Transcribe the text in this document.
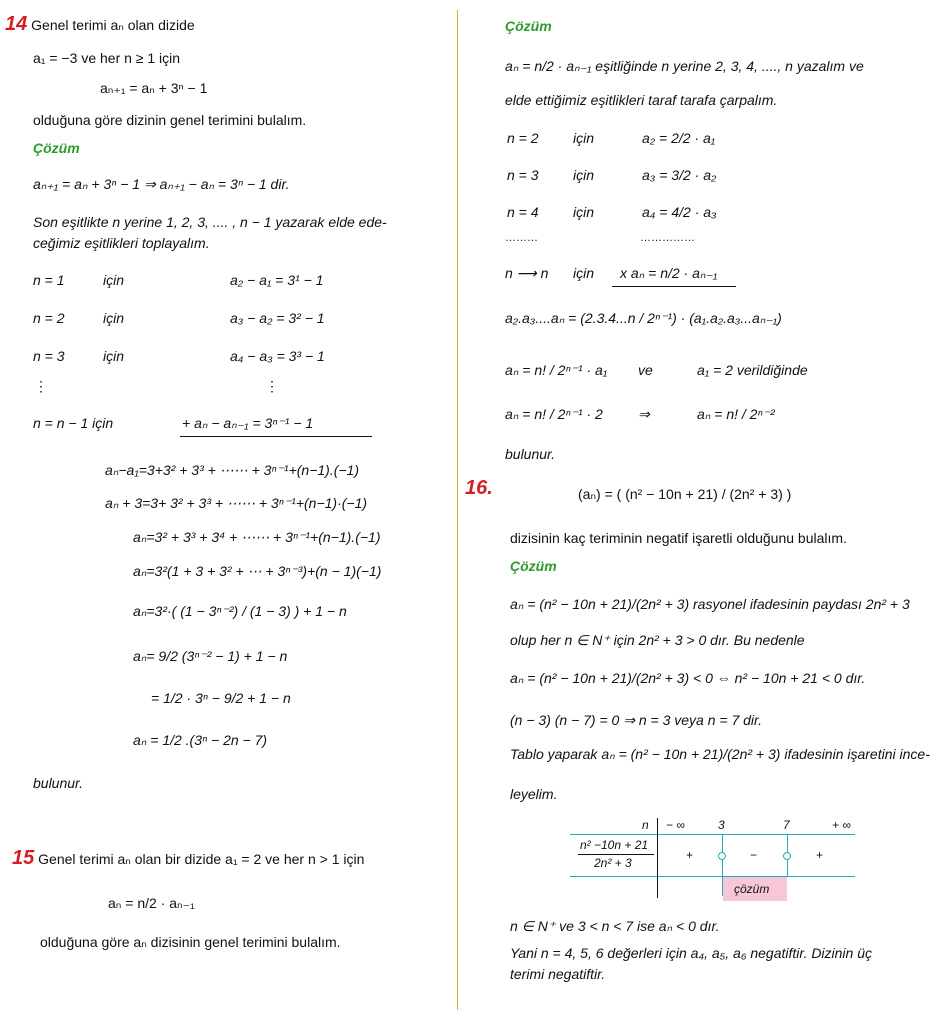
14 Genel terimi aₙ olan dizide
a₁ = −3 ve her n ≥ 1 için
aₙ₊₁ = aₙ + 3ⁿ − 1
olduğuna göre dizinin genel terimini bulalım.
Çözüm
aₙ₊₁ = aₙ + 3ⁿ − 1 ⇒ aₙ₊₁ − aₙ = 3ⁿ − 1 dir.
Son eşitlikte n yerine 1, 2, 3, .... , n − 1 yazarak elde ede-
ceğimiz eşitlikleri toplayalım.
n = 1	için	a₂ − a₁ = 3¹ − 1
n = 2	için	a₃ − a₂ = 3² − 1
n = 3	için	a₄ − a₃ = 3³ − 1
⋮	⋮
n = n − 1 için	+ aₙ − aₙ₋₁ = 3ⁿ⁻¹ − 1
aₙ−a₁=3+3² + 3³ + ⋯⋯ + 3ⁿ⁻¹+(n−1).(−1)
aₙ + 3=3+ 3² + 3³ + ⋯⋯ + 3ⁿ⁻¹+(n−1)·(−1)
aₙ=3² + 3³ + 3⁴ + ⋯⋯ + 3ⁿ⁻¹+(n−1).(−1)
aₙ=3²(1 + 3 + 3² + ⋯ + 3ⁿ⁻³)+(n − 1)(−1)
aₙ=3²·( (1 − 3ⁿ⁻²) / (1 − 3) ) + 1 − n
aₙ= 9/2 (3ⁿ⁻² − 1) + 1 − n
= 1/2 · 3ⁿ − 9/2 + 1 − n
aₙ = 1/2 .(3ⁿ − 2n − 7)
bulunur.
15 Genel terimi aₙ olan bir dizide a₁ = 2 ve her n > 1 için
aₙ = n/2 · aₙ₋₁
olduğuna göre aₙ dizisinin genel terimini bulalım.
Çözüm
aₙ = n/2 · aₙ₋₁ eşitliğinde n yerine 2, 3, 4, ...., n yazalım ve
elde ettiğimiz eşitlikleri taraf tarafa çarpalım.
n = 2 için	a₂ = 2/2 · a₁
n = 3 için	a₃ = 3/2 · a₂
n = 4 için	a₄ = 4/2 · a₃
………	……………
n ⟶ n için x aₙ = n/2 · aₙ₋₁
a₂.a₃....aₙ = (2.3.4...n / 2ⁿ⁻¹) · (a₁.a₂.a₃...aₙ₋₁)
aₙ = n! / 2ⁿ⁻¹ · a₁ ve	a₁ = 2 verildiğinde
aₙ = n! / 2ⁿ⁻¹ · 2	⇒	aₙ = n! / 2ⁿ⁻²
bulunur.
16.	(aₙ) = ( (n² − 10n + 21) / (2n² + 3) )
dizisinin kaç teriminin negatif işaretli olduğunu bulalım.
Çözüm
aₙ = (n² − 10n + 21)/(2n² + 3) rasyonel ifadesinin paydası 2n² + 3
olup her n ∈ N⁺ için 2n² + 3 > 0 dır. Bu nedenle
aₙ = (n² − 10n + 21)/(2n² + 3) < 0 ⇔ n² − 10n + 21 < 0 dır.
(n − 3) (n − 7) = 0 ⇒ n = 3 veya n = 7 dir.
Tablo yaparak aₙ = (n² − 10n + 21)/(2n² + 3) ifadesinin işaretini ince-
leyelim.
n − ∞	3	7	+ ∞
n² −10n + 21
2n² + 3
+	−	+
çözüm
n ∈ N⁺ ve 3 < n < 7 ise aₙ < 0 dır.
Yani n = 4, 5, 6 değerleri için a₄, a₅, a₆ negatiftir. Dizinin üç
terimi negatiftir.
